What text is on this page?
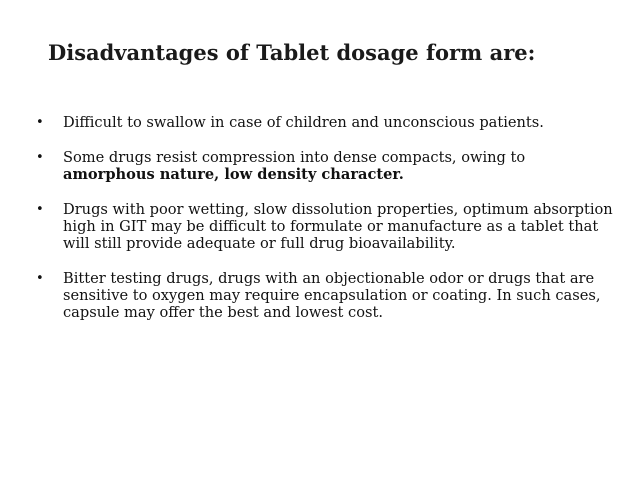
Disadvantages of Tablet dosage form are:
• Difficult to swallow in case of children and unconscious patients.
• Some drugs resist compression into dense compacts, owing to amorphous nature, low density character.
• Drugs with poor wetting, slow dissolution properties, optimum absorption high in GIT may be difficult to formulate or manufacture as a tablet that will still provide adequate or full drug bioavailability.
• Bitter testing drugs, drugs with an objectionable odor or drugs that are sensitive to oxygen may require encapsulation or coating. In such cases, capsule may offer the best and lowest cost.
